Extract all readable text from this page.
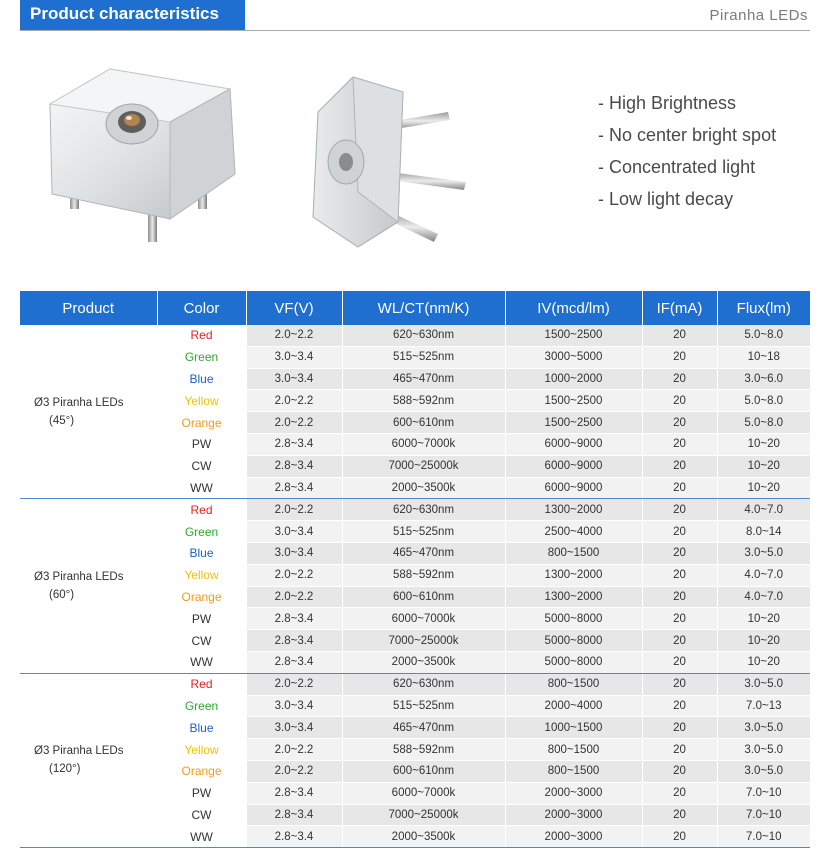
Product characteristics	Piranha LEDs
- High Brightness
- No center bright spot
- Concentrated light
- Low light decay
Product	Color	VF(V)	WL/CT(nm/K)	IV(mcd/lm)	IF(mA)	Flux(lm)

Ø3 Piranha LEDs
(45°)	Red	2.0~2.2	620~630nm	1500~2500	20	5.0~8.0
	Green	3.0~3.4	515~525nm	3000~5000	20	10~18
	Blue	3.0~3.4	465~470nm	1000~2000	20	3.0~6.0
	Yellow	2.0~2.2	588~592nm	1500~2500	20	5.0~8.0
	Orange	2.0~2.2	600~610nm	1500~2500	20	5.0~8.0
	PW	2.8~3.4	6000~7000k	6000~9000	20	10~20
	CW	2.8~3.4	7000~25000k	6000~9000	20	10~20
	WW	2.8~3.4	2000~3500k	6000~9000	20	10~20

Ø3 Piranha LEDs
(60°)	Red	2.0~2.2	620~630nm	1300~2000	20	4.0~7.0
	Green	3.0~3.4	515~525nm	2500~4000	20	8.0~14
	Blue	3.0~3.4	465~470nm	800~1500	20	3.0~5.0
	Yellow	2.0~2.2	588~592nm	1300~2000	20	4.0~7.0
	Orange	2.0~2.2	600~610nm	1300~2000	20	4.0~7.0
	PW	2.8~3.4	6000~7000k	5000~8000	20	10~20
	CW	2.8~3.4	7000~25000k	5000~8000	20	10~20
	WW	2.8~3.4	2000~3500k	5000~8000	20	10~20

Ø3 Piranha LEDs
(120°)	Red	2.0~2.2	620~630nm	800~1500	20	3.0~5.0
	Green	3.0~3.4	515~525nm	2000~4000	20	7.0~13
	Blue	3.0~3.4	465~470nm	1000~1500	20	3.0~5.0
	Yellow	2.0~2.2	588~592nm	800~1500	20	3.0~5.0
	Orange	2.0~2.2	600~610nm	800~1500	20	3.0~5.0
	PW	2.8~3.4	6000~7000k	2000~3000	20	7.0~10
	CW	2.8~3.4	7000~25000k	2000~3000	20	7.0~10
	WW	2.8~3.4	2000~3500k	2000~3000	20	7.0~10
